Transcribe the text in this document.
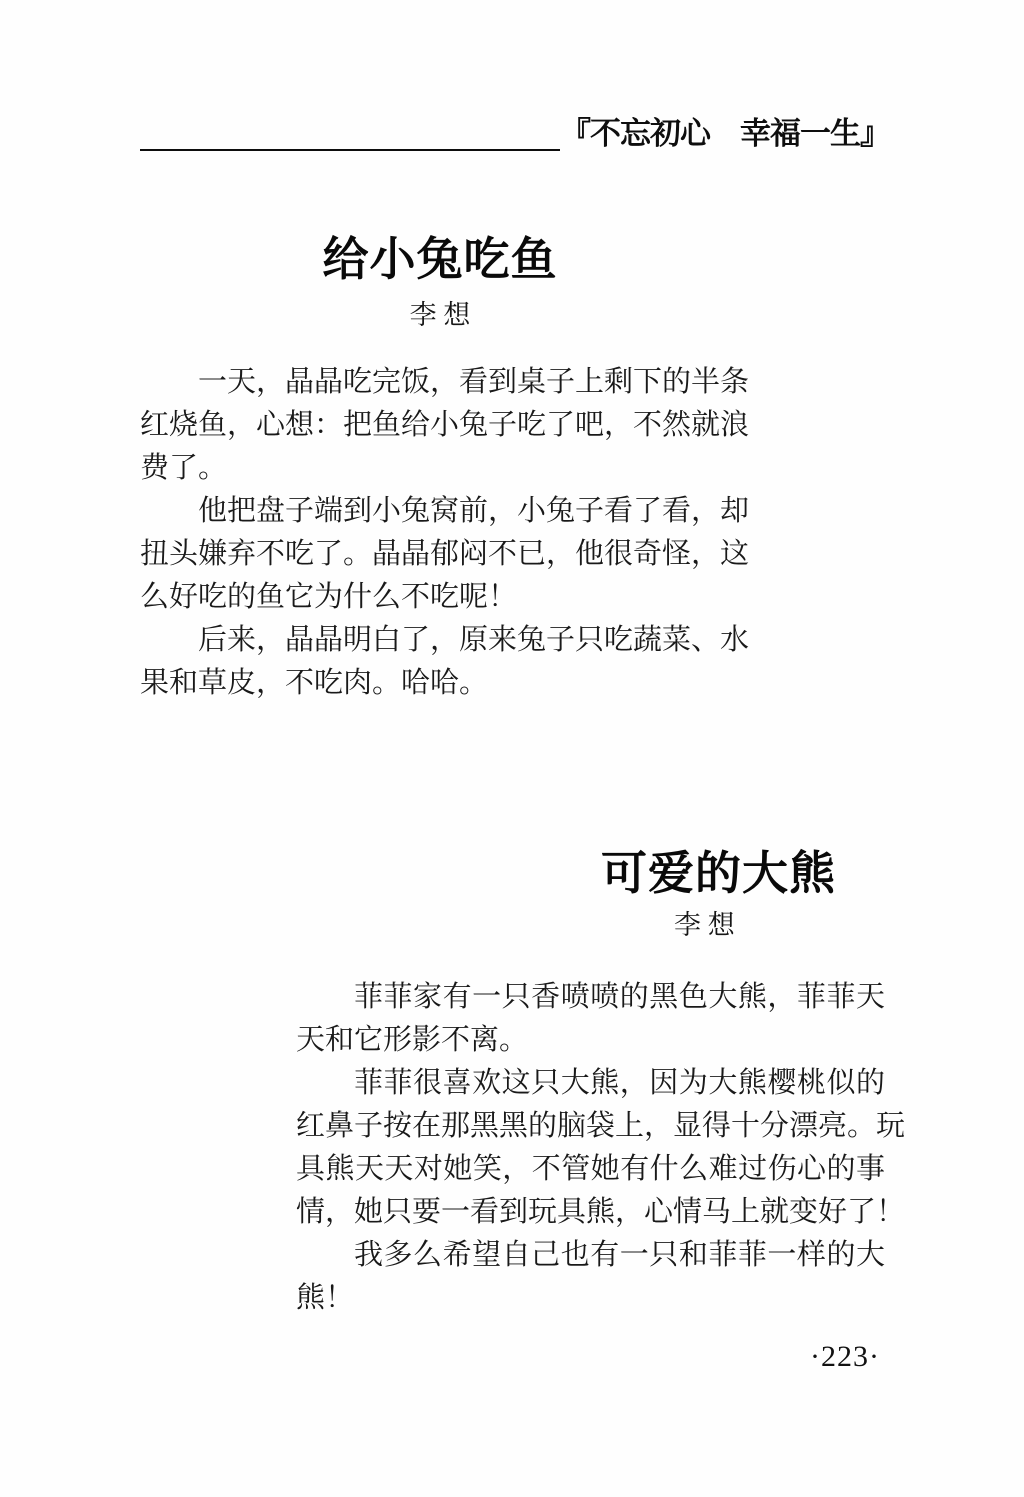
『不忘初心　幸福一生』
给小兔吃鱼
李 想
一天，晶晶吃完饭，看到桌子上剩下的半条
红烧鱼，心想：把鱼给小兔子吃了吧，不然就浪
费了。
他把盘子端到小兔窝前，小兔子看了看，却
扭头嫌弃不吃了。晶晶郁闷不已，他很奇怪，这
么好吃的鱼它为什么不吃呢！
后来，晶晶明白了，原来兔子只吃蔬菜、水
果和草皮，不吃肉。哈哈。
可爱的大熊
李 想
菲菲家有一只香喷喷的黑色大熊，菲菲天
天和它形影不离。
菲菲很喜欢这只大熊，因为大熊樱桃似的
红鼻子按在那黑黑的脑袋上，显得十分漂亮。玩
具熊天天对她笑，不管她有什么难过伤心的事
情，她只要一看到玩具熊，心情马上就变好了！
我多么希望自己也有一只和菲菲一样的大
熊！
·223·
